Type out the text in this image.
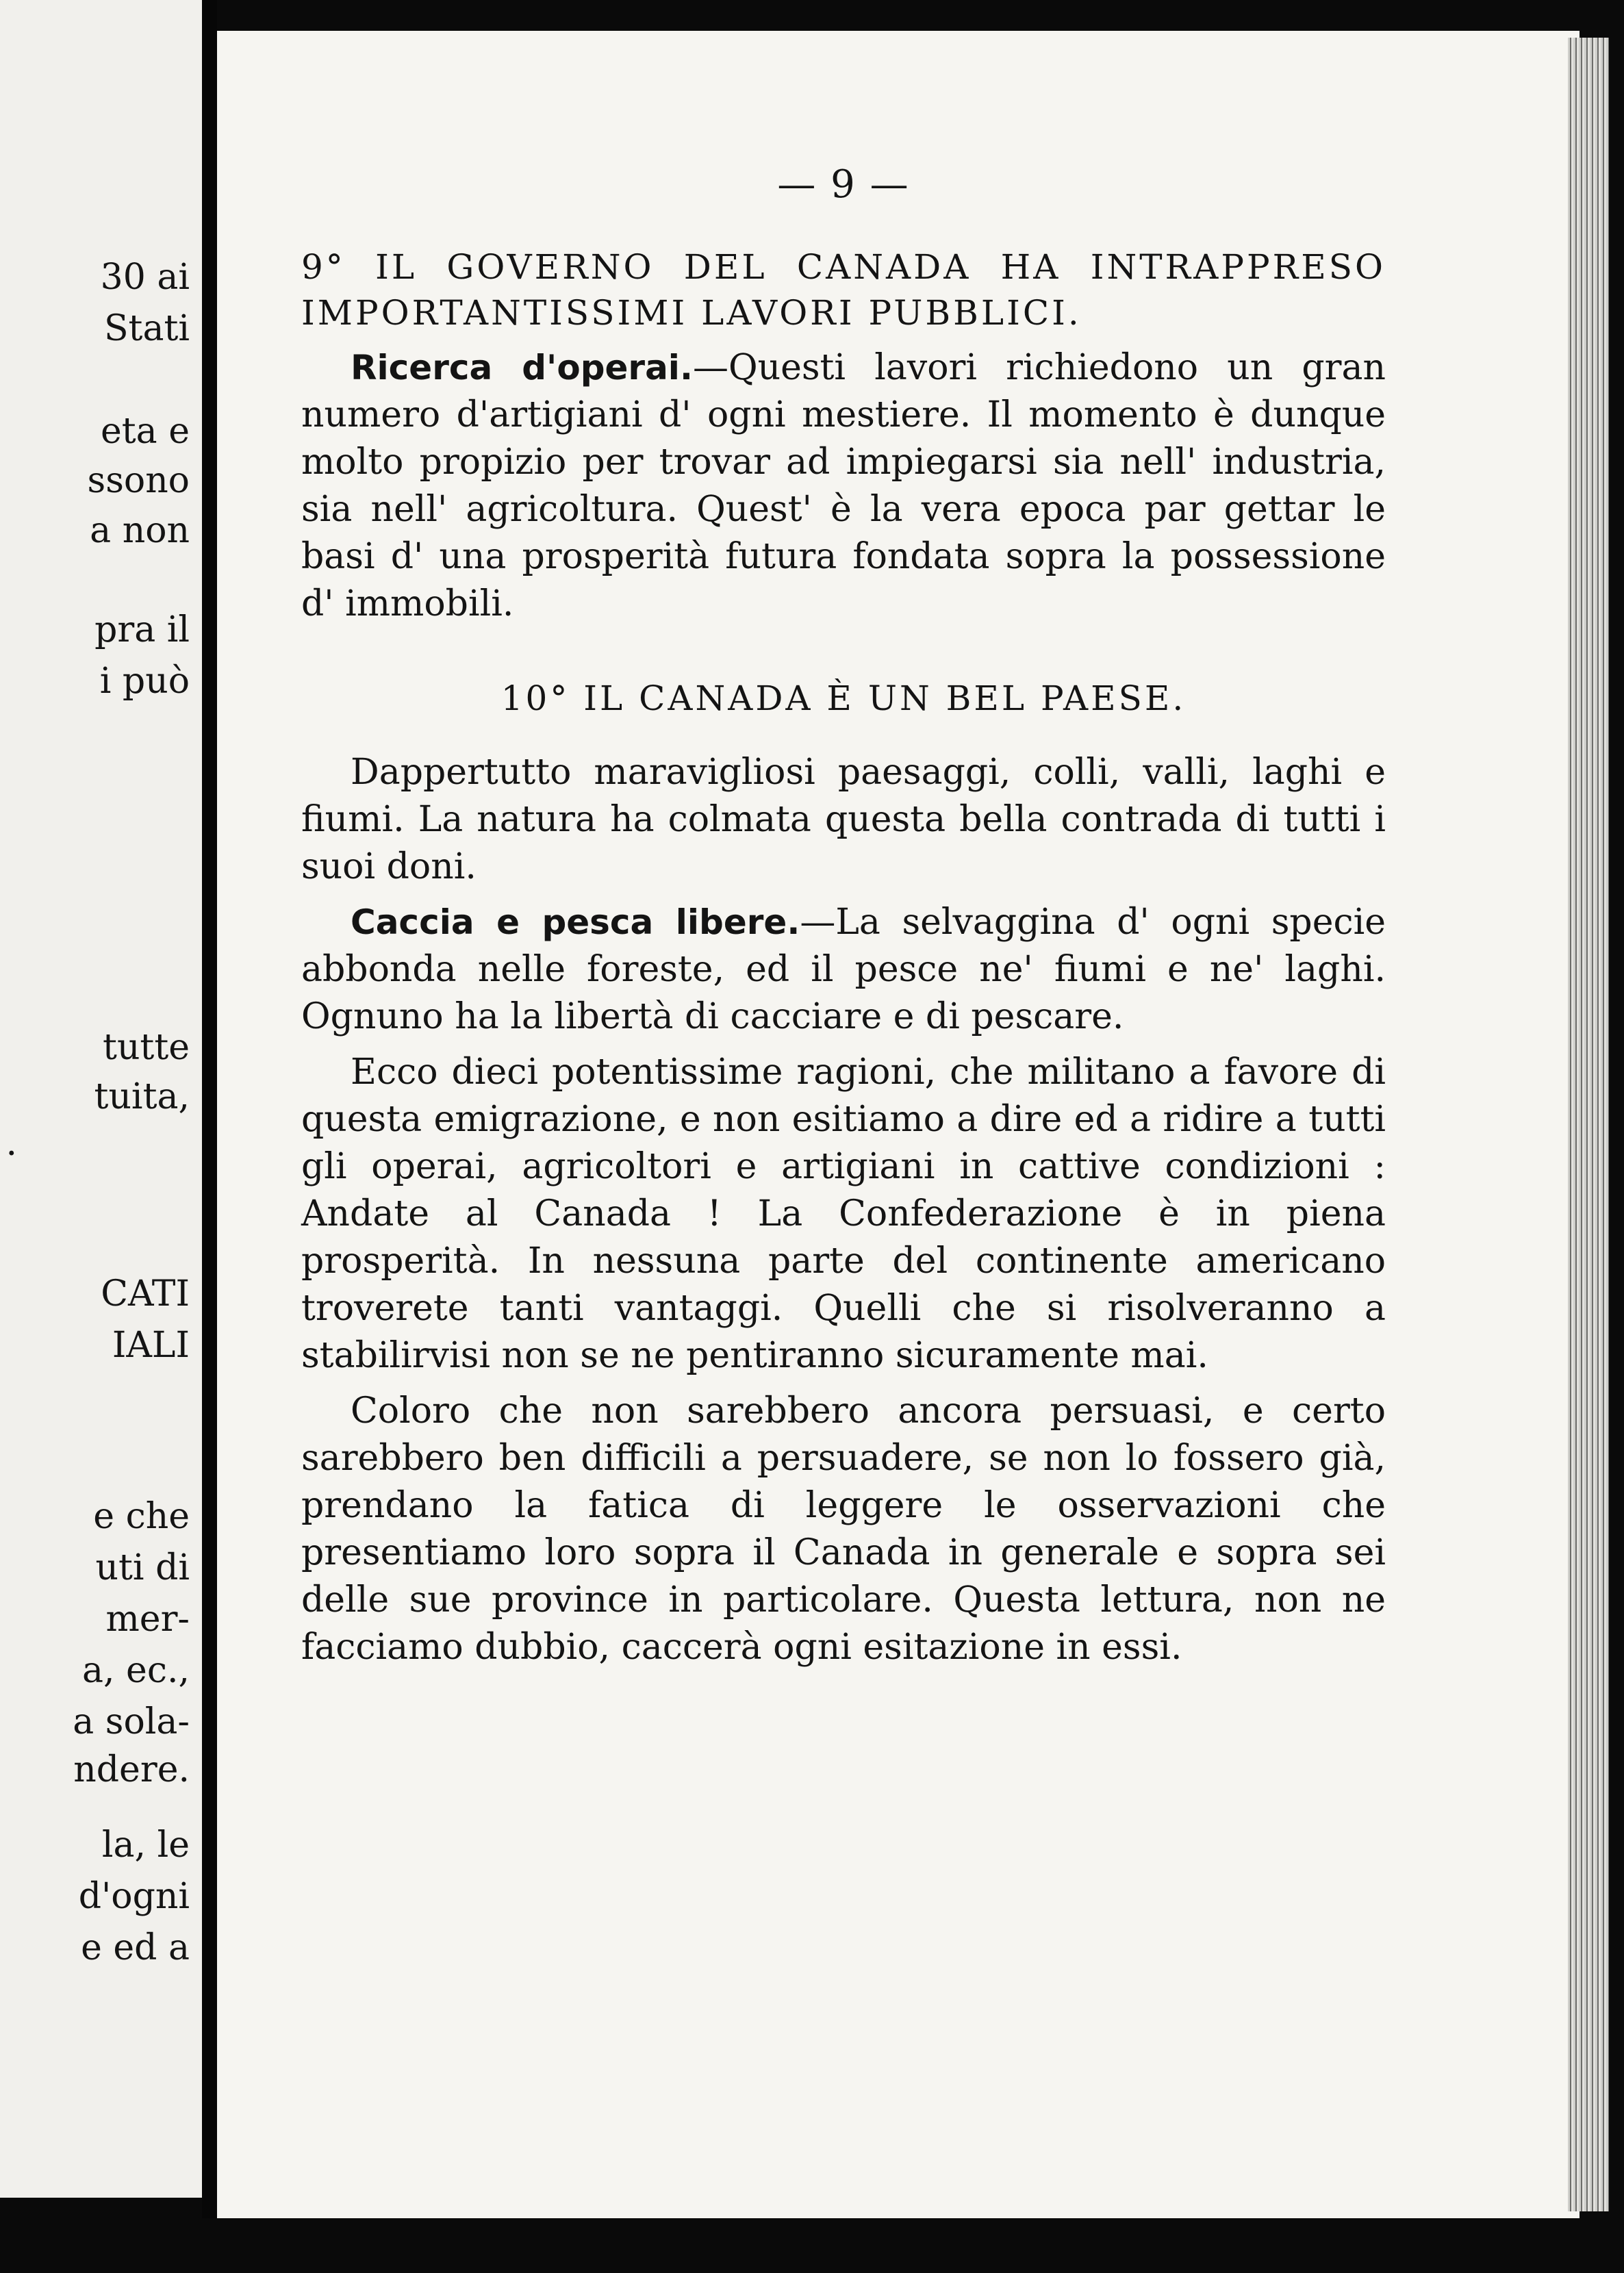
30 ai
Stati
eta e
ssono
a non
pra il
i può
tutte
tuita,
.
CATI
IALI
e che
uti di
mer-
a, ec.,
a sola-
ndere.
la, le
d'ogni
e ed a
— 9 —
9° IL GOVERNO DEL CANADA HA INTRAPPRESO IMPORTANTISSIMI LAVORI PUBBLICI.
Ricerca d'operai.—Questi lavori richiedono un gran numero d'artigiani d' ogni mestiere. Il momento è dunque molto propizio per trovar ad impiegarsi sia nell' industria, sia nell' agricoltura. Quest' è la vera epoca par gettar le basi d' una prosperità futura fondata sopra la possessione d' immobili.
10° IL CANADA È UN BEL PAESE.
Dappertutto maravigliosi paesaggi, colli, valli, laghi e fiumi. La natura ha colmata questa bella contrada di tutti i suoi doni.
Caccia e pesca libere.—La selvaggina d' ogni specie abbonda nelle foreste, ed il pesce ne' fiumi e ne' laghi. Ognuno ha la libertà di cacciare e di pescare.
Ecco dieci potentissime ragioni, che militano a favore di questa emigrazione, e non esitiamo a dire ed a ridire a tutti gli operai, agricoltori e artigiani in cattive condizioni : Andate al Canada ! La Confederazione è in piena prosperità. In nessuna parte del continente americano troverete tanti vantaggi. Quelli che si risolveranno a stabilirvisi non se ne pentiranno sicuramente mai.
Coloro che non sarebbero ancora persuasi, e certo sarebbero ben difficili a persuadere, se non lo fossero già, prendano la fatica di leggere le osservazioni che presentiamo loro sopra il Canada in generale e sopra sei delle sue province in particolare. Questa lettura, non ne facciamo dubbio, caccerà ogni esitazione in essi.
